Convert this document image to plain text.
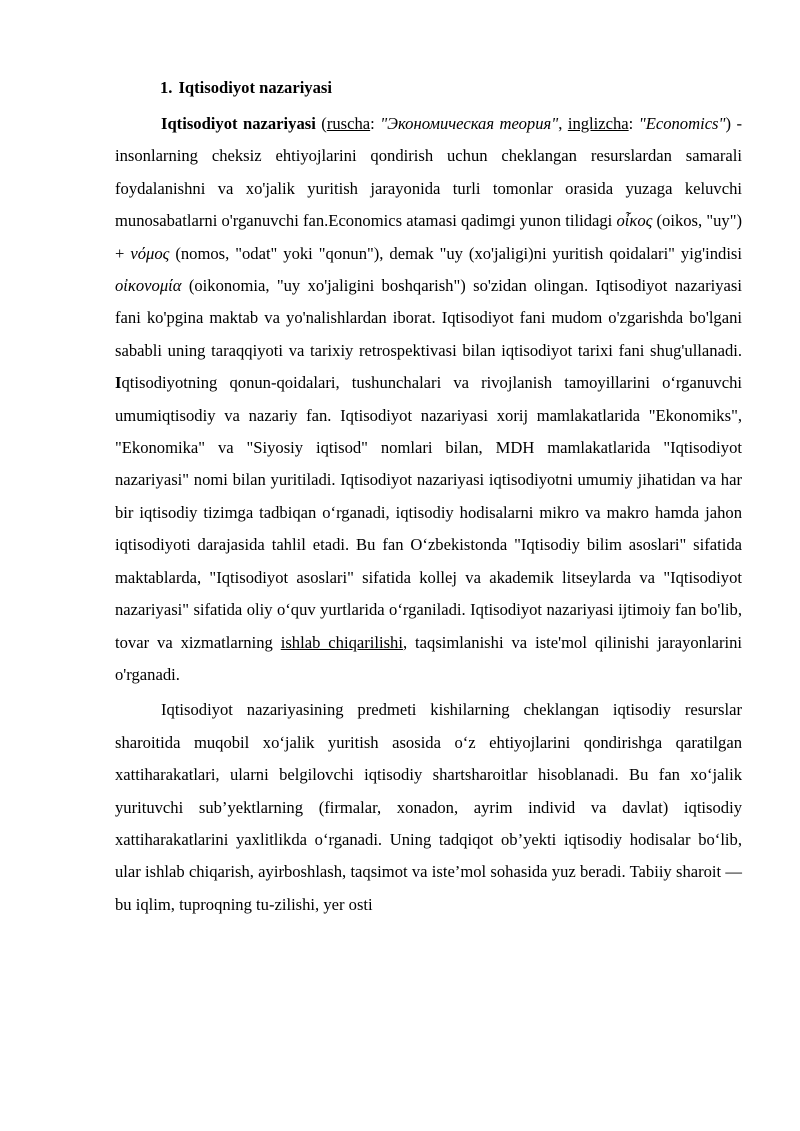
1. Iqtisodiyot nazariyasi

Iqtisodiyot nazariyasi (ruscha: "Экономическая теория", inglizcha: "Economics") - insonlarning cheksiz ehtiyojlarini qondirish uchun cheklangan resurslardan samarali foydalanishni va xo'jalik yuritish jarayonida turli tomonlar orasida yuzaga keluvchi munosabatlarni o'rganuvchi fan.Economics atamasi qadimgi yunon tilidagi οἶκος (oikos, "uy") + νόμος (nomos, "odat" yoki "qonun"), demak "uy (xo'jaligi)ni yuritish qoidalari" yig'indisi οἰκονομία (oikonomia, "uy xo'jaligini boshqarish") so'zidan olingan. Iqtisodiyot nazariyasi fani ko'pgina maktab va yo'nalishlardan iborat. Iqtisodiyot fani mudom o'zgarishda bo'lgani sababli uning taraqqiyoti va tarixiy retrospektivasi bilan iqtisodiyot tarixi fani shug'ullanadi. Iqtisodiyotning qonun-qoidalari, tushunchalari va rivojlanish tamoyillarini o‘rganuvchi umumiqtisodiy va nazariy fan. Iqtisodiyot nazariyasi xorij mamlakatlarida "Ekonomiks", "Ekonomika" va "Siyosiy iqtisod" nomlari bilan, MDH mamlakatlarida "Iqtisodiyot nazariyasi" nomi bilan yuritiladi. Iqtisodiyot nazariyasi iqtisodiyotni umumiy jihatidan va har bir iqtisodiy tizimga tadbiqan o‘rganadi, iqtisodiy hodisalarni mikro va makro hamda jahon iqtisodiyoti darajasida tahlil etadi. Bu fan O‘zbekistonda "Iqtisodiy bilim asoslari" sifatida maktablarda, "Iqtisodiyot asoslari" sifatida kollej va akademik litseylarda va "Iqtisodiyot nazariyasi" sifatida oliy o‘quv yurtlarida o‘rganiladi. Iqtisodiyot nazariyasi ijtimoiy fan bo'lib, tovar va xizmatlarning ishlab chiqarilishi, taqsimlanishi va iste'mol qilinishi jarayonlarini o'rganadi.

Iqtisodiyot nazariyasining predmeti kishilarning cheklangan iqtisodiy resurslar sharoitida muqobil xo‘jalik yuritish asosida o‘z ehtiyojlarini qondirishga qaratilgan xattiharakatlari, ularni belgilovchi iqtisodiy shartsharoitlar hisoblanadi. Bu fan xo‘jalik yurituvchi sub’yektlarning (firmalar, xonadon, ayrim individ va davlat) iqtisodiy xattiharakatlarini yaxlitlikda o‘rganadi. Uning tadqiqot ob’yekti iqtisodiy hodisalar bo‘lib, ular ishlab chiqarish, ayirboshlash, taqsimot va iste’mol sohasida yuz beradi. Tabiiy sharoit — bu iqlim, tuproqning tu-zilishi, yer osti
